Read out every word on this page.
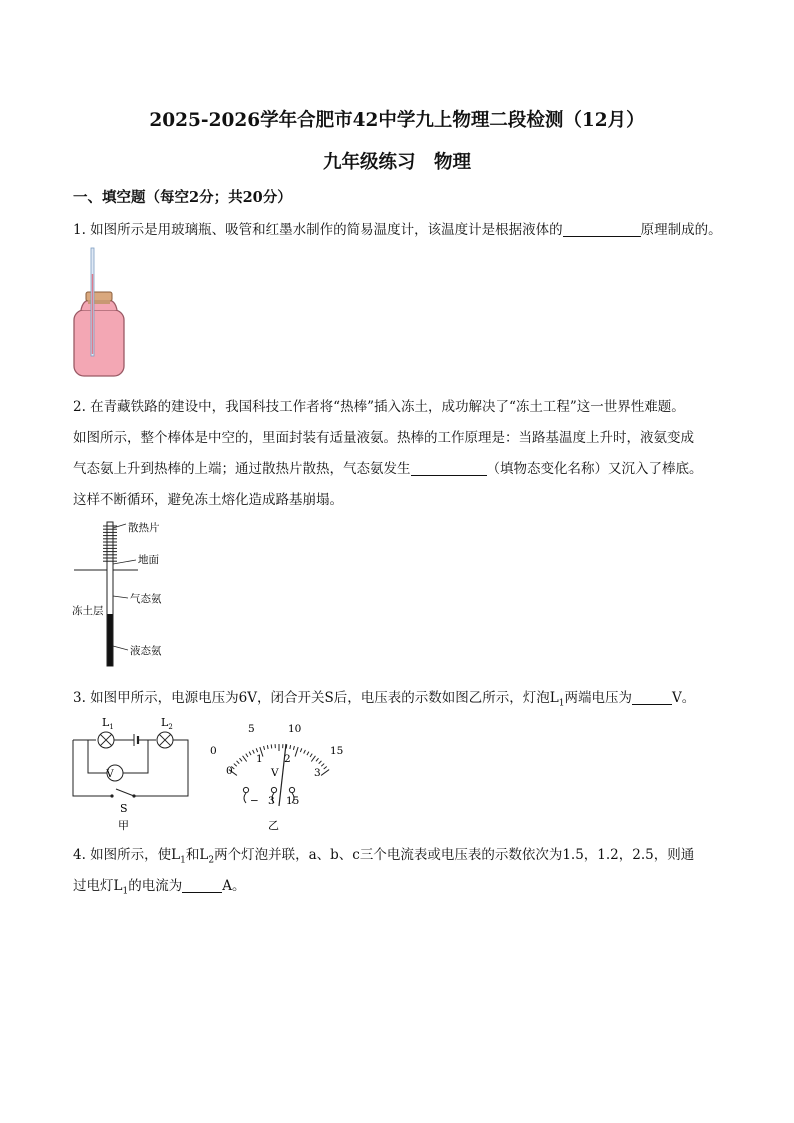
2025-2026学年合肥市42中学九上物理二段检测（12月）
九年级练习　物理
一、填空题（每空2分；共20分）
1. 如图所示是用玻璃瓶、吸管和红墨水制作的简易温度计，该温度计是根据液体的	原理制成的。
2. 在青藏铁路的建设中，我国科技工作者将“热棒”插入冻土，成功解决了“冻土工程”这一世界性难题。
如图所示，整个棒体是中空的，里面封装有适量液氨。热棒的工作原理是：当路基温度上升时，液氨变成
气态氨上升到热棒的上端；通过散热片散热，气态氨发生	（填物态变化名称）又沉入了棒底。
这样不断循环，避免冻土熔化造成路基崩塌。
散热片
地面
气态氨
冻土层
液态氨
3. 如图甲所示，电源电压为6V，闭合开关S后，电压表的示数如图乙所示，灯泡$L_1$两端电压为	V。
V
$L_1$	$L_2$
S
甲
0
5	10
15
0
1 2
3
V
− 3 15
乙
4. 如图所示，使$L_1$和$L_2$两个灯泡并联，a、b、c三个电流表或电压表的示数依次为1.5，1.2，2.5，则通
过电灯$L_1$的电流为	A。
